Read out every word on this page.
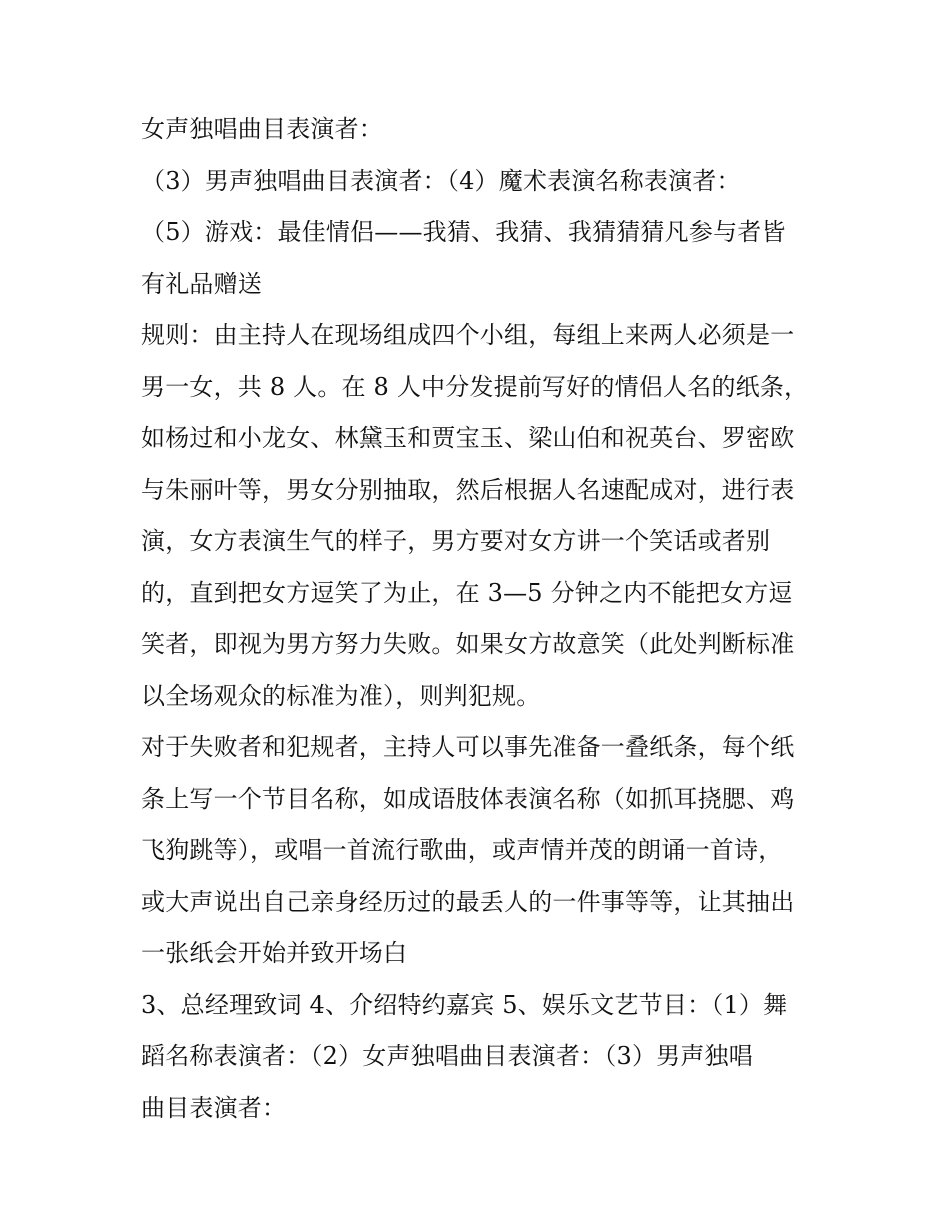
女声独唱曲目表演者：
（3）男声独唱曲目表演者：（4）魔术表演名称表演者：
（5）游戏：最佳情侣——我猜、我猜、我猜猜猜凡参与者皆
有礼品赠送
规则：由主持人在现场组成四个小组，每组上来两人必须是一
男一女，共 8 人。在 8 人中分发提前写好的情侣人名的纸条，
如杨过和小龙女、林黛玉和贾宝玉、梁山伯和祝英台、罗密欧
与朱丽叶等，男女分别抽取，然后根据人名速配成对，进行表
演，女方表演生气的样子，男方要对女方讲一个笑话或者别
的，直到把女方逗笑了为止，在 3—5 分钟之内不能把女方逗
笑者，即视为男方努力失败。如果女方故意笑（此处判断标准
以全场观众的标准为准），则判犯规。
对于失败者和犯规者，主持人可以事先准备一叠纸条，每个纸
条上写一个节目名称，如成语肢体表演名称（如抓耳挠腮、鸡
飞狗跳等），或唱一首流行歌曲，或声情并茂的朗诵一首诗，
或大声说出自己亲身经历过的最丢人的一件事等等，让其抽出
一张纸会开始并致开场白
3、总经理致词 4、介绍特约嘉宾 5、娱乐文艺节目：（1）舞
蹈名称表演者：（2）女声独唱曲目表演者：（3）男声独唱
曲目表演者：
